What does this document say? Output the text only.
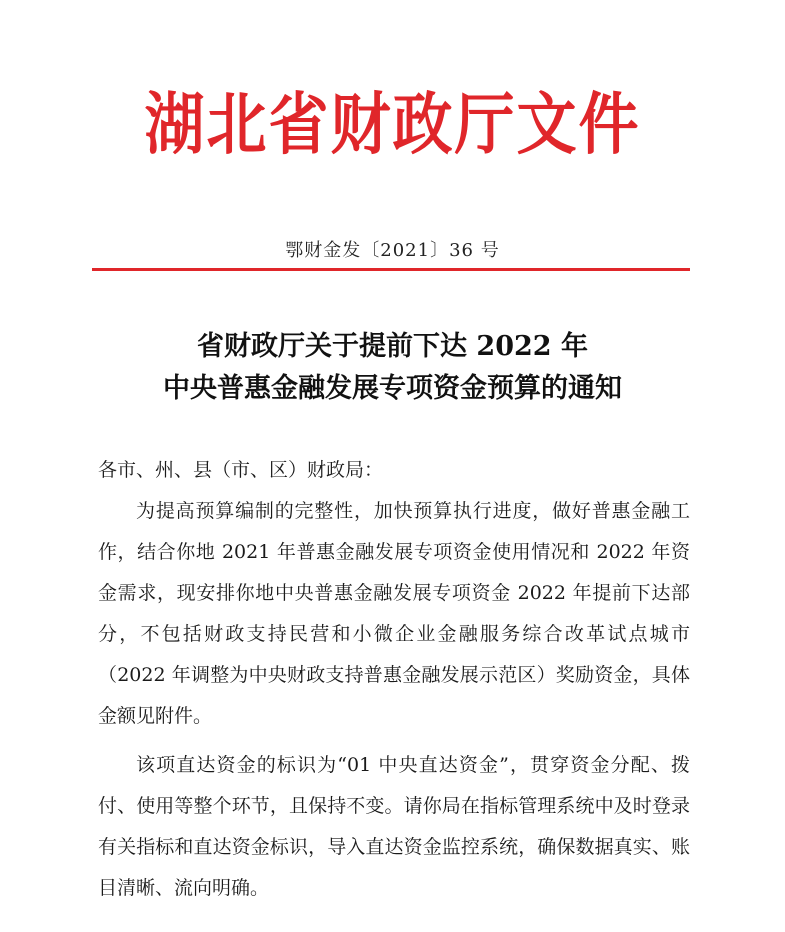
湖北省财政厅文件
鄂财金发〔2021〕36 号
省财政厅关于提前下达 2022 年
中央普惠金融发展专项资金预算的通知

各市、州、县（市、区）财政局：

为提高预算编制的完整性，加快预算执行进度，做好普惠金融工作，结合你地 2021 年普惠金融发展专项资金使用情况和 2022 年资金需求，现安排你地中央普惠金融发展专项资金 2022 年提前下达部分，不包括财政支持民营和小微企业金融服务综合改革试点城市（2022 年调整为中央财政支持普惠金融发展示范区）奖励资金，具体金额见附件。

该项直达资金的标识为“01 中央直达资金”，贯穿资金分配、拨付、使用等整个环节，且保持不变。请你局在指标管理系统中及时登录有关指标和直达资金标识，导入直达资金监控系统，确保数据真实、账目清晰、流向明确。
